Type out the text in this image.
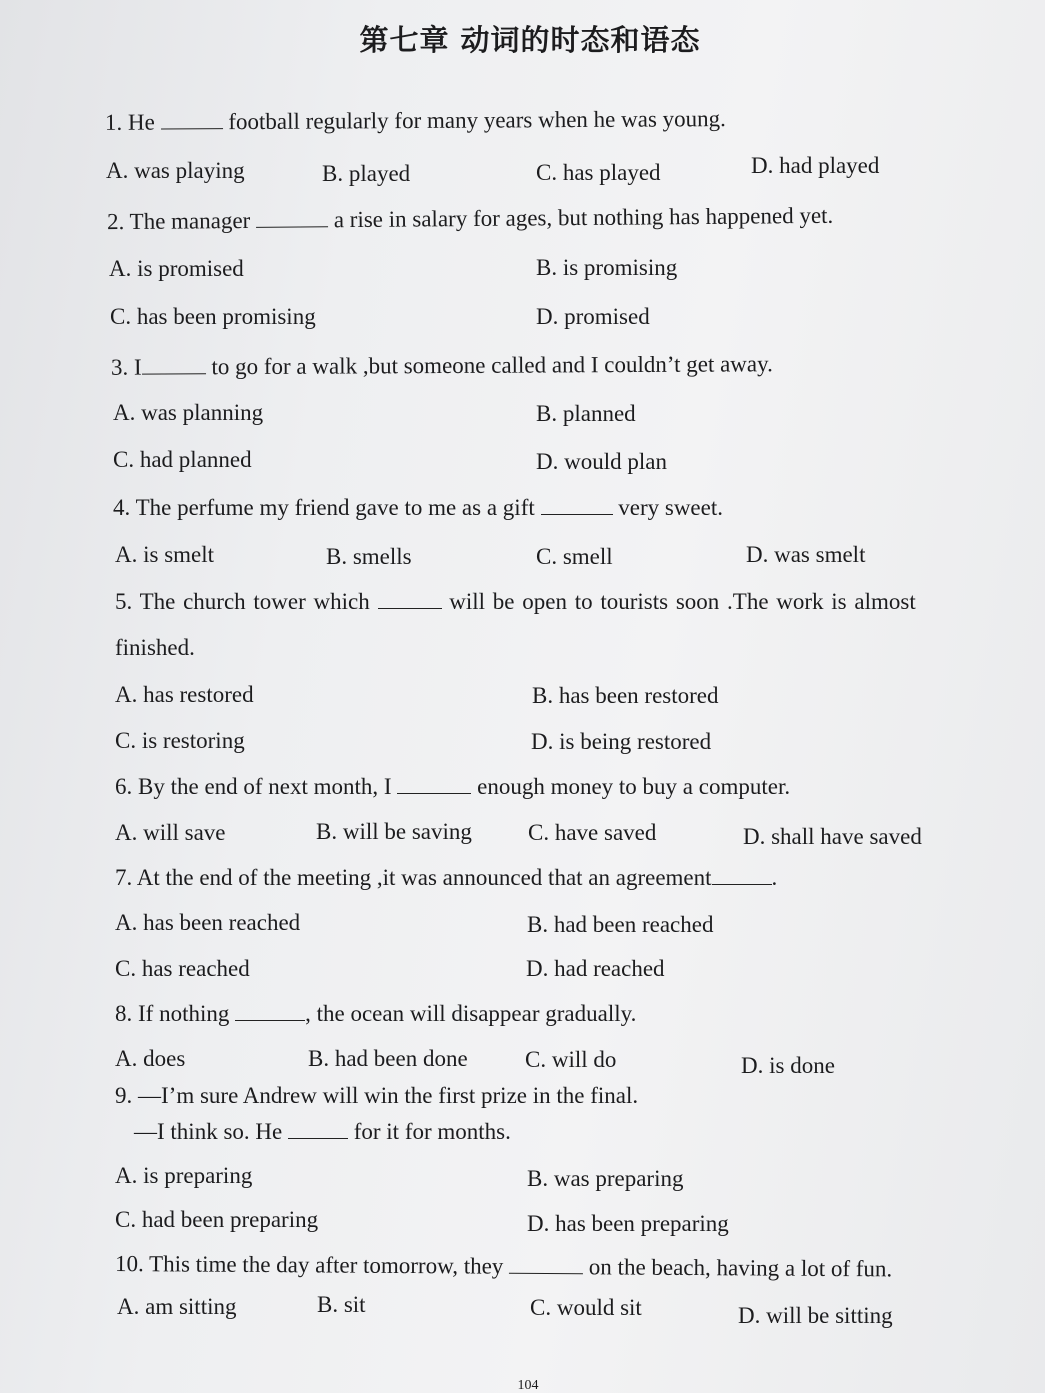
第七章 动词的时态和语态
1. He	football regularly for many years when he was young.
A. was playing	B. played	C. has played	D. had played
2. The manager	a rise in salary for ages, but nothing has happened yet.
A. is promised	B. is promising
C. has been promising	D. promised
3. I	to go for a walk ,but someone called and I couldn’t get away.
A. was planning	B. planned
C. had planned	D. would plan
4. The perfume my friend gave to me as a gift	very sweet.
A. is smelt	B. smells	C. smell	D. was smelt
5. The church tower which	will be open to tourists soon .The work is almost
finished.
A. has restored	B. has been restored
C. is restoring	D. is being restored
6. By the end of next month, I	enough money to buy a computer.
A. will save	B. will be saving C. have saved	D. shall have saved
7. At the end of the meeting ,it was announced that an agreement	.
A. has been reached	B. had been reached
C. has reached	D. had reached
8. If nothing	, the ocean will disappear gradually.
A. does	B. had been done C. will do	D. is done
9. —I’m sure Andrew will win the first prize in the final.
—I think so. He	for it for months.
A. is preparing	B. was preparing
C. had been preparing	D. has been preparing
10. This time the day after tomorrow, they	on the beach, having a lot of fun.
A. am sitting	B. sit	C. would sit	D. will be sitting
104
